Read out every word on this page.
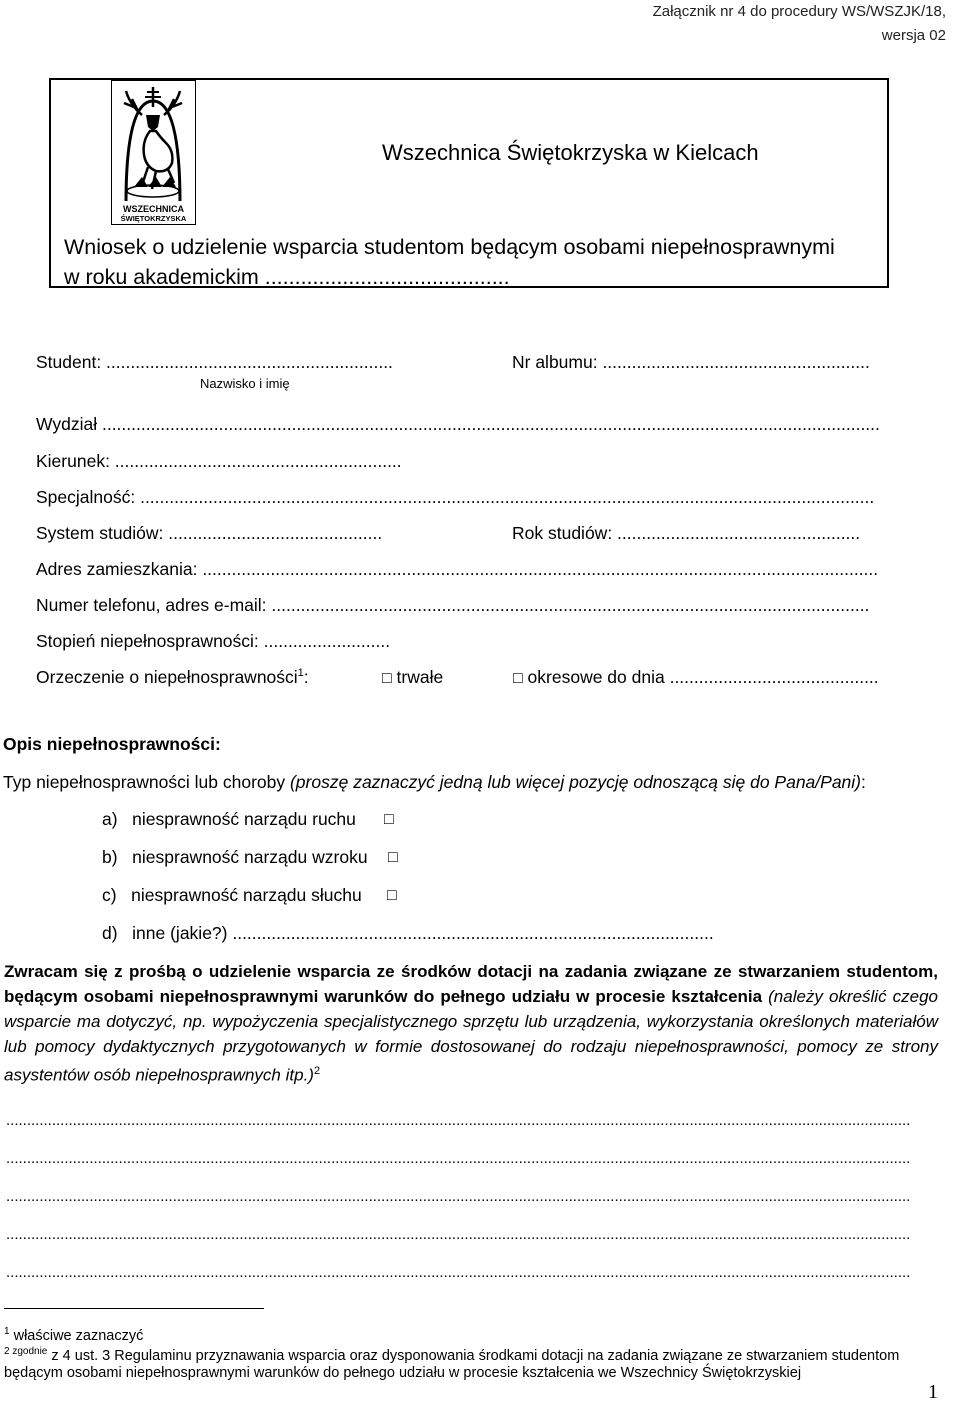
Załącznik nr 4 do procedury WS/WSZJK/18,
wersja 02
WSZECHNICA
ŚWIĘTOKRZYSKA
Wszechnica Świętokrzyska w Kielcach
Wniosek o udzielenie wsparcia studentom będącym osobami niepełnosprawnymi
w roku akademickim .........................................
Student: ...........................................................
Nazwisko i imię
Nr albumu: .......................................................
Wydział ................................................................................................................................................................
Kierunek: ...........................................................
Specjalność: .......................................................................................................................................................
System studiów: ............................................	Rok studiów: ..................................................
Adres zamieszkania: ...........................................................................................................................................
Numer telefonu, adres e-mail: ...........................................................................................................................
Stopień niepełnosprawności: ..........................
Orzeczenie o niepełnosprawności$^1$:	□ trwałe	□ okresowe do dnia ...........................................
Opis niepełnosprawności:
Typ niepełnosprawności lub choroby (proszę zaznaczyć jedną lub więcej pozycję odnoszącą się do Pana/Pani):
a) niesprawność narządu ruchu □
b) niesprawność narządu wzroku □
c) niesprawność narządu słuchu □
d) inne (jakie?) ...................................................................................................
Zwracam się z prośbą o udzielenie wsparcia ze środków dotacji na zadania związane ze stwarzaniem studentom, będącym osobami niepełnosprawnymi warunków do pełnego udziału w procesie kształcenia (należy określić czego wsparcie ma dotyczyć, np. wypożyczenia specjalistycznego sprzętu lub urządzenia, wykorzystania określonych materiałów lub pomocy dydaktycznych przygotowanych w formie dostosowanej do rodzaju niepełnosprawności, pomocy ze strony asystentów osób niepełnosprawnych itp.)$^2$
.........................................................................................................................................................................................................................
.........................................................................................................................................................................................................................
.........................................................................................................................................................................................................................
.........................................................................................................................................................................................................................
.........................................................................................................................................................................................................................
$^1$ właściwe zaznaczyć
$^{2 zgodnie}$ z 4 ust. 3 Regulaminu przyznawania wsparcia oraz dysponowania środkami dotacji na zadania związane ze stwarzaniem studentom
będącym osobami niepełnosprawnymi warunków do pełnego udziału w procesie kształcenia we Wszechnicy Świętokrzyskiej
1
